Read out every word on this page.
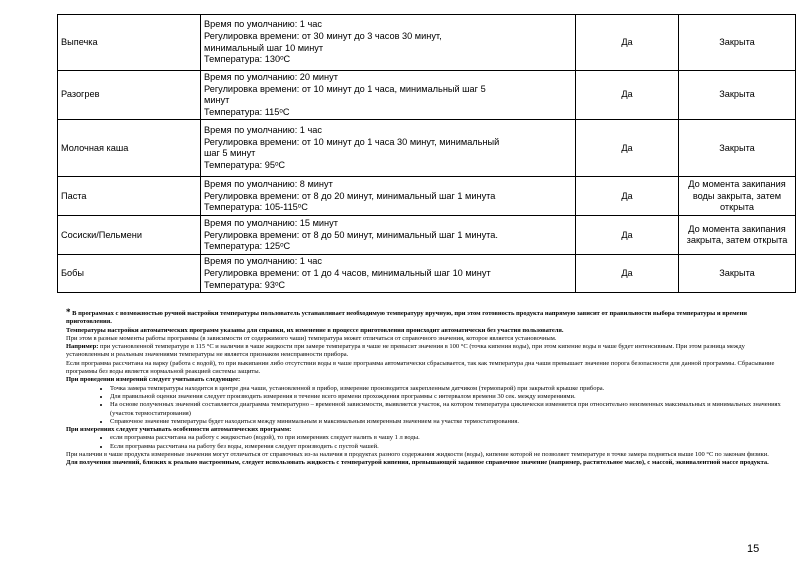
Выпечка	Время по умолчанию: 1 час
Регулировка времени: от 30 минут до 3 часов 30 минут,
минимальный шаг 10 минут
Температура: 130ᵒC	Да	Закрыта

Разогрев	Время по умолчанию: 20 минут
Регулировка времени: от 10 минут до 1 часа, минимальный шаг 5
минут
Температура: 115ᵒC	Да	Закрыта

Молочная каша	Время по умолчанию: 1 час
Регулировка времени: от 10 минут до 1 часа 30 минут, минимальный
шаг 5 минут
Температура: 95ᵒC	Да	Закрыта

Паста	Время по умолчанию: 8 минут
Регулировка времени: от 8 до 20 минут, минимальный шаг 1 минута
Температура: 105-115ᵒC	Да	До момента закипания
воды закрыта, затем
открыта

Сосиски/Пельмени	Время по умолчанию: 15 минут
Регулировка времени: от 8 до 50 минут, минимальный шаг 1 минута.
Температура: 125ᵒC	Да	До момента закипания
закрыта, затем открыта

Бобы	Время по умолчанию: 1 час
Регулировка времени: от 1 до 4 часов, минимальный шаг 10 минут
Температура: 93ᵒC	Да	Закрыта

* В программах с возможностью ручной настройки температуры пользователь устанавливает необходимую температуру вручную, при этом готовность продукта напрямую зависит от правильности выбора температуры и времени приготовления.

Температуры настройки автоматических программ указаны для справки, их изменение в процессе приготовления происходит автоматически без участия пользователя.

При этом в разные моменты работы программы (в зависимости от содержимого чаши) температура может отличаться от справочного значения, которое является установочным.

Например: при установленной температуре в 115 °С и наличии в чаше жидкости при замере температура в чаше не превысит значения в 100 °С (точка кипения воды), при этом кипение воды в чаше будет интенсивным. При этом разница между установленным и реальным значениями температуры не является признаком неисправности прибора.

Если программа рассчитана на варку (работа с водой), то при выкипании либо отсутствии воды в чаше программа автоматически сбрасывается, так как температура дна чаши превышает значение порога безопасности для данной программы. Сбрасывание программы без воды является нормальной реакцией системы защиты.

При проведении измерений следует учитывать следующее:

• Точка замера температуры находится в центре дна чаши, установленной в прибор, измерение производится закрепленным датчиком (термопарой) при закрытой крышке прибора.
• Для правильной оценки значения следует производить измерения в течение всего времени прохождения программы с интервалом времени 30 сек. между измерениями.
• На основе полученных значений составляется диаграмма температурно – временной зависимости, выявляется участок, на котором температура циклически изменяется при относительно неизменных максимальных и минимальных значениях (участок термостатирования)
• Справочное значение температуры будет находиться между минимальным и максимальным измеренным значением на участке термостатирования.

При измерениях следует учитывать особенности автоматических программ:

• если программа рассчитана на работу с жидкостью (водой), то при измерениях следует налить в чашу 1 л воды.
• Если программа рассчитана на работу без воды, измерения следует производить с пустой чашей.

При наличии в чаше продукта измеренные значения могут отличаться от справочных из-за наличия в продуктах разного содержания жидкости (воды), кипение которой не позволяет температуре в точке замера подняться выше 100 °С по законам физики.

Для получения значений, близких к реально настроенным, следует использовать жидкость с температурой кипения, превышающей заданное справочное значение (например, растительное масло), с массой, эквивалентной массе продукта.

15
